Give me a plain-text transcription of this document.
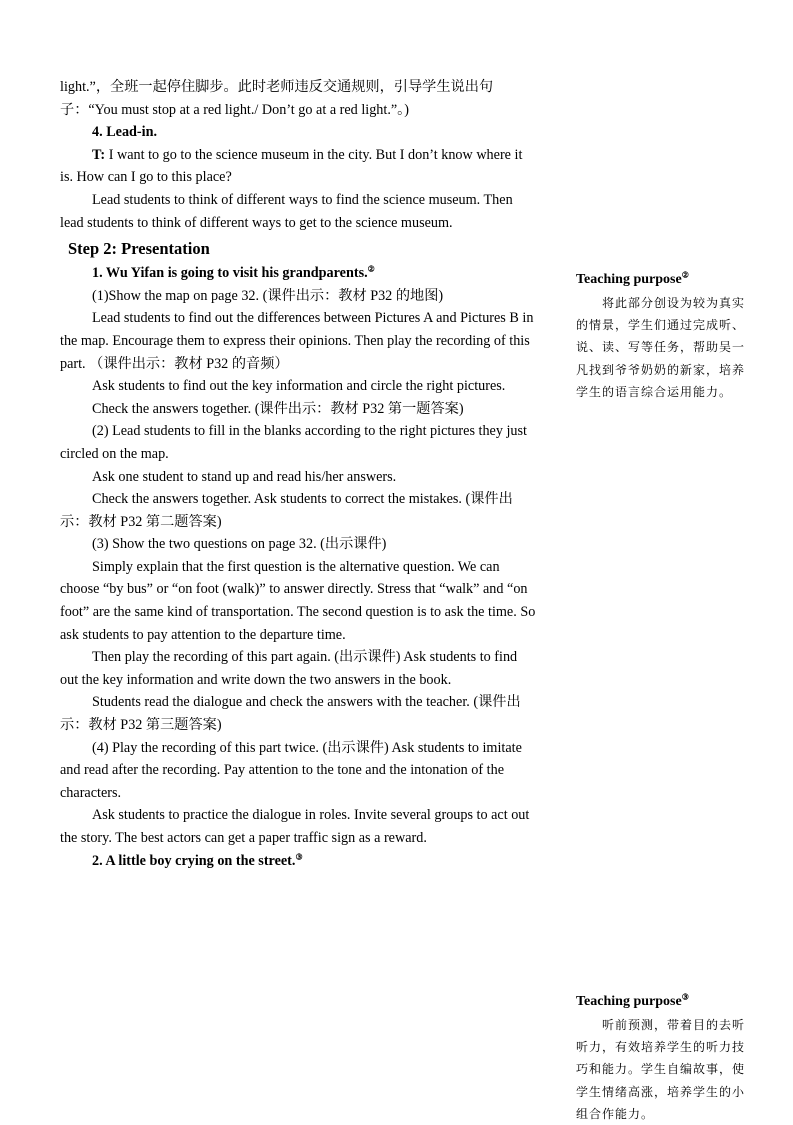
light.”，全班一起停住脚步。此时老师违反交通规则，引导学生说出句子：“You must stop at a red light./ Don’t go at a red light.”。)

4. Lead-in.

T: I want to go to the science museum in the city. But I don’t know where it is. How can I go to this place?

Lead students to think of different ways to find the science museum. Then lead students to think of different ways to get to the science museum.

Step 2: Presentation

1. Wu Yifan is going to visit his grandparents.②

(1)Show the map on page 32. (课件出示：教材 P32 的地图)

Lead students to find out the differences between Pictures A and Pictures B in the map. Encourage them to express their opinions. Then play the recording of this part. （课件出示：教材 P32 的音频）

Ask students to find out the key information and circle the right pictures.

Check the answers together. (课件出示：教材 P32 第一题答案)

(2) Lead students to fill in the blanks according to the right pictures they just circled on the map.

Ask one student to stand up and read his/her answers.

Check the answers together. Ask students to correct the mistakes. (课件出示：教材 P32 第二题答案)

(3) Show the two questions on page 32. (出示课件)

Simply explain that the first question is the alternative question. We can choose “by bus” or “on foot (walk)” to answer directly. Stress that “walk” and “on foot” are the same kind of transportation. The second question is to ask the time. So ask students to pay attention to the departure time.

Then play the recording of this part again. (出示课件) Ask students to find out the key information and write down the two answers in the book.

Students read the dialogue and check the answers with the teacher. (课件出示：教材 P32 第三题答案)

(4) Play the recording of this part twice. (出示课件) Ask students to imitate and read after the recording. Pay attention to the tone and the intonation of the characters.

Ask students to practice the dialogue in roles. Invite several groups to act out the story. The best actors can get a paper traffic sign as a reward.

2. A little boy crying on the street.③

Teaching purpose②

将此部分创设为较为真实的情景，学生们通过完成听、说、读、写等任务，帮助吴一凡找到爷爷奶奶的新家，培养学生的语言综合运用能力。

Teaching purpose③

听前预测，带着目的去听听力，有效培养学生的听力技巧和能力。学生自编故事，使学生情绪高涨，培养学生的小组合作能力。
